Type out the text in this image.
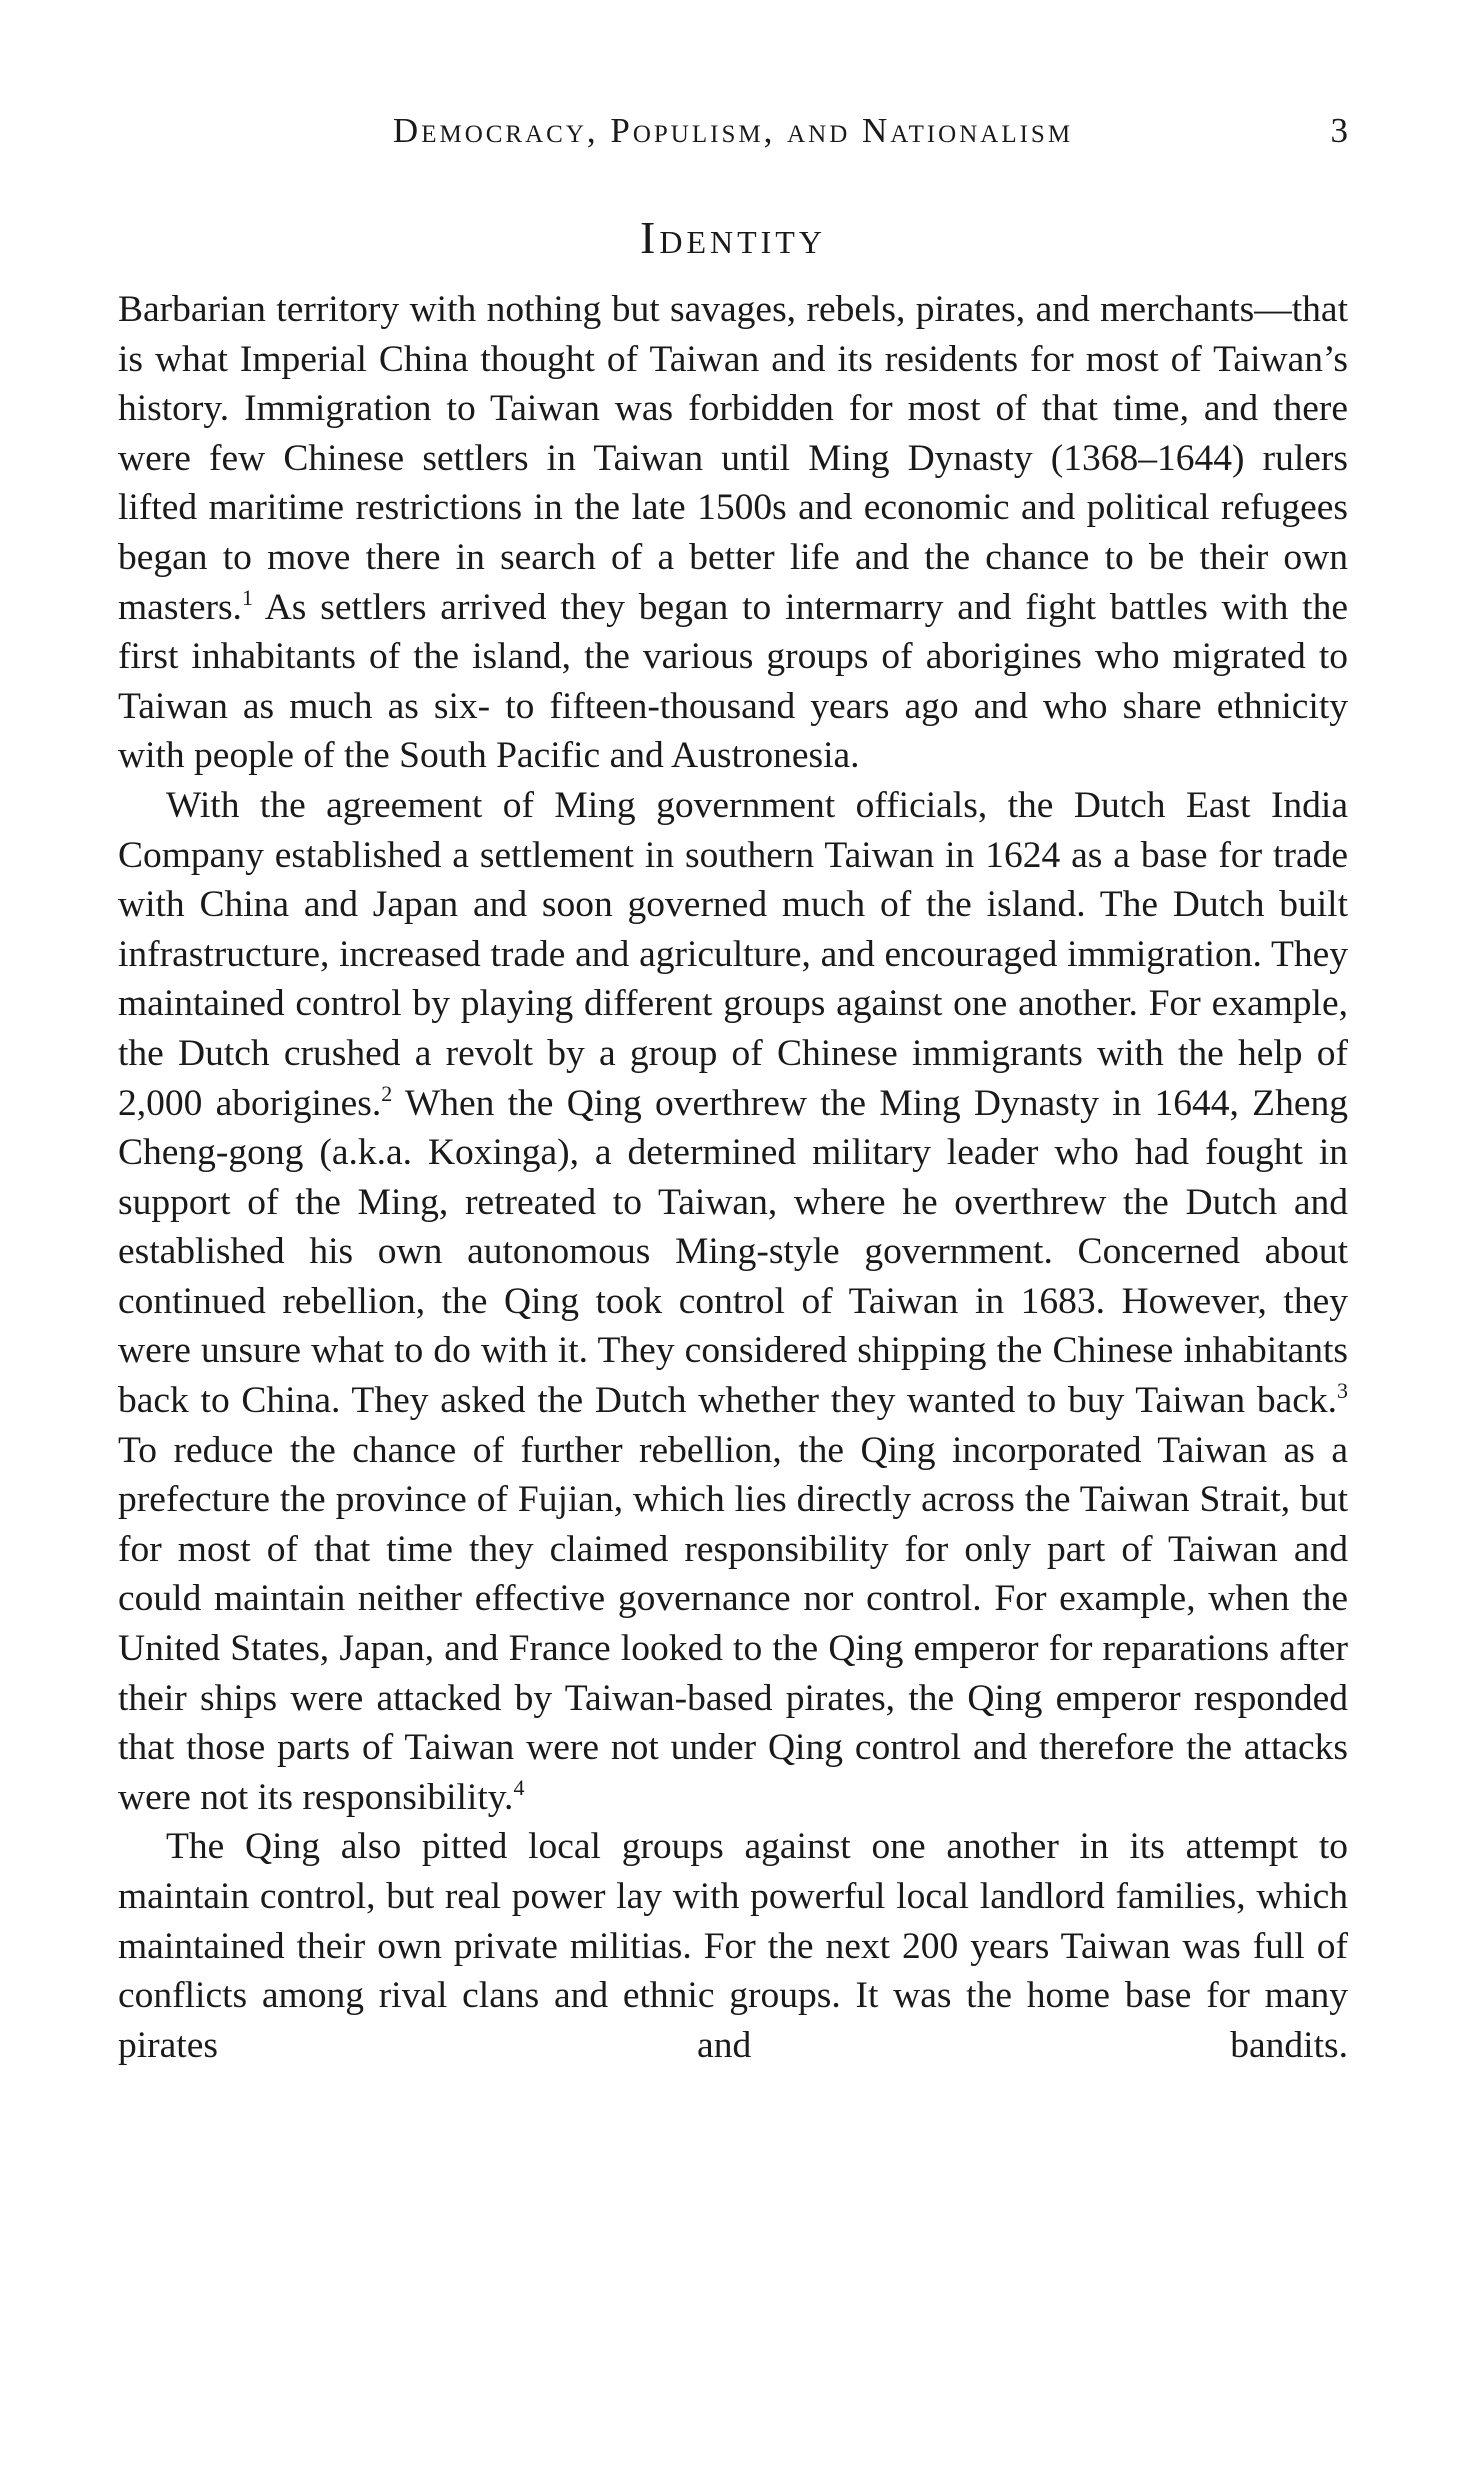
Democracy, Populism, and Nationalism	3
Identity

Barbarian territory with nothing but savages, rebels, pirates, and merchants—that is what Imperial China thought of Taiwan and its residents for most of Taiwan’s history. Immigration to Taiwan was forbidden for most of that time, and there were few Chinese settlers in Taiwan until Ming Dynasty (1368–1644) rulers lifted maritime restrictions in the late 1500s and economic and political refugees began to move there in search of a better life and the chance to be their own masters.$^1$ As settlers arrived they began to intermarry and fight battles with the first inhabitants of the island, the various groups of aborigines who migrated to Taiwan as much as six- to fifteen-thousand years ago and who share ethnicity with people of the South Pacific and Austronesia.

With the agreement of Ming government officials, the Dutch East India Company established a settlement in southern Taiwan in 1624 as a base for trade with China and Japan and soon governed much of the island. The Dutch built infrastructure, increased trade and agriculture, and encouraged immigration. They maintained control by playing different groups against one another. For example, the Dutch crushed a revolt by a group of Chinese immigrants with the help of 2,000 aborigines.$^2$ When the Qing overthrew the Ming Dynasty in 1644, Zheng Cheng-gong (a.k.a. Koxinga), a determined military leader who had fought in support of the Ming, retreated to Taiwan, where he overthrew the Dutch and established his own autonomous Ming-style government. Concerned about continued rebellion, the Qing took control of Taiwan in 1683. However, they were unsure what to do with it. They considered shipping the Chinese inhabitants back to China. They asked the Dutch whether they wanted to buy Taiwan back.$^3$ To reduce the chance of further rebellion, the Qing incorporated Taiwan as a prefecture the province of Fujian, which lies directly across the Taiwan Strait, but for most of that time they claimed responsibility for only part of Taiwan and could maintain neither effective governance nor control. For example, when the United States, Japan, and France looked to the Qing emperor for reparations after their ships were attacked by Taiwan-based pirates, the Qing emperor responded that those parts of Taiwan were not under Qing control and therefore the attacks were not its responsibility.$^4$

The Qing also pitted local groups against one another in its attempt to maintain control, but real power lay with powerful local landlord families, which maintained their own private militias. For the next 200 years Taiwan was full of conflicts among rival clans and ethnic groups. It was the home base for many pirates and bandits.
